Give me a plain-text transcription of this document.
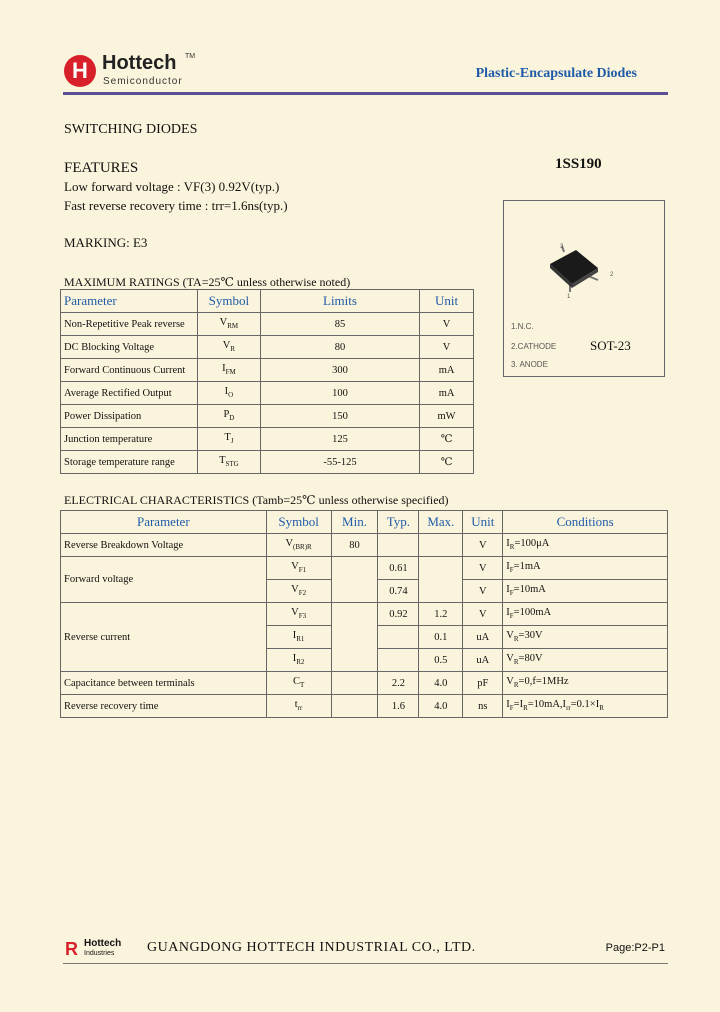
H Hottech TM
Semiconductor
Plastic-Encapsulate Diodes
SWITCHING DIODES
FEATURES	1SS190
Low forward voltage : VF(3) 0.92V(typ.)
Fast reverse recovery time : trr=1.6ns(typ.)
MARKING: E3	3
2
1
1.N.C.
2.CATHODE
3. ANODE
SOT-23
MAXIMUM RATINGS (TA=25℃ unless otherwise noted)
Parameter	Symbol	Limits	Unit
Non-Repetitive Peak reverse	$V_{RM}$	85	V
DC Blocking Voltage	$V_R$	80	V
Forward Continuous Current	$I_{FM}$	300	mA
Average Rectified Output	$I_O$	100	mA
Power Dissipation	$P_D$	150	mW
Junction temperature	$T_J$	125	℃
Storage temperature range	$T_{STG}$	-55-125	℃
ELECTRICAL CHARACTERISTICS (Tamb=25℃ unless otherwise specified)
Parameter	Symbol	Min.	Typ.	Max.	Unit	Conditions
Reverse Breakdown Voltage	$V_{(BR)R}$	80			V	$I_R=100\mu A$
Forward voltage	$V_{F1}$		0.61		V	$I_F=1mA$
	$V_{F2}$		0.74		V	$I_F=10mA$
Reverse current	$V_{F3}$		0.92	1.2	V	$I_F=100mA$
	$I_{R1}$			0.1	uA	$V_R=30V$
	$I_{R2}$			0.5	uA	$V_R=80V$
Capacitance between terminals	$C_T$		2.2	4.0	pF	$V_R=0,f=1MHz$
Reverse recovery time	$t_{rr}$		1.6	4.0	ns	$I_F=I_R=10mA,I_{rr}=0.1\times I_R$
R Hottech
Industries GUANGDONG HOTTECH INDUSTRIAL CO., LTD.	Page:P2-P1
